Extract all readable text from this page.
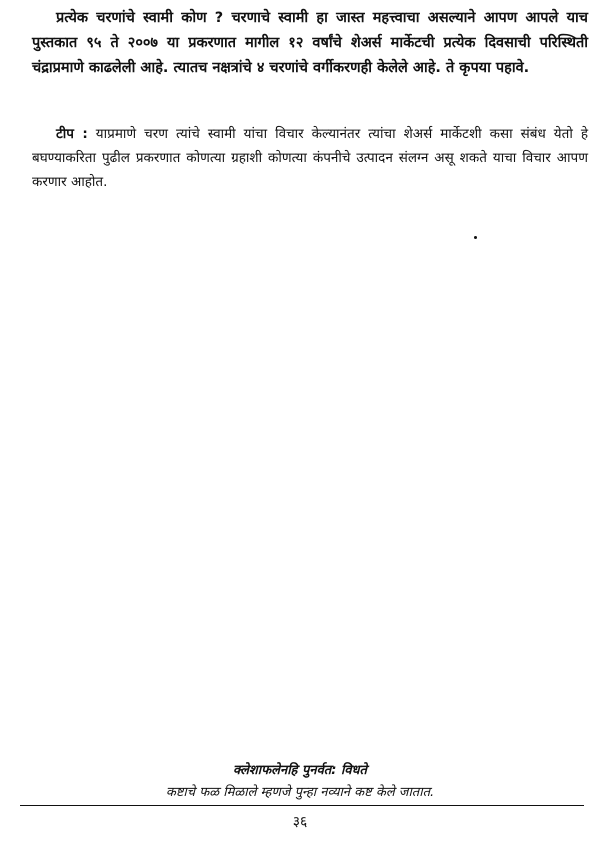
प्रत्येक चरणांचे स्वामी कोण ? चरणाचे स्वामी हा जास्त महत्त्वाचा असल्याने आपण आपले याच पुस्तकात ९५ ते २००७ या प्रकरणात मागील १२ वर्षांचे शेअर्स मार्केटची प्रत्येक दिवसाची परिस्थिती चंद्राप्रमाणे काढलेली आहे. त्यातच नक्षत्रांचे ४ चरणांचे वर्गीकरणही केलेले आहे. ते कृपया पहावे.

टीप : याप्रमाणे चरण त्यांचे स्वामी यांचा विचार केल्यानंतर त्यांचा शेअर्स मार्केटशी कसा संबंध येतो हे बघण्याकरिता पुढील प्रकरणात कोणत्या ग्रहाशी कोणत्या कंपनीचे उत्पादन संलग्न असू शकते याचा विचार आपण करणार आहोत.

क्लेशाफलेनहि पुनर्वत: विधते
कष्टाचे फळ मिळाले म्हणजे पुन्हा नव्याने कष्ट केले जातात.
३६
